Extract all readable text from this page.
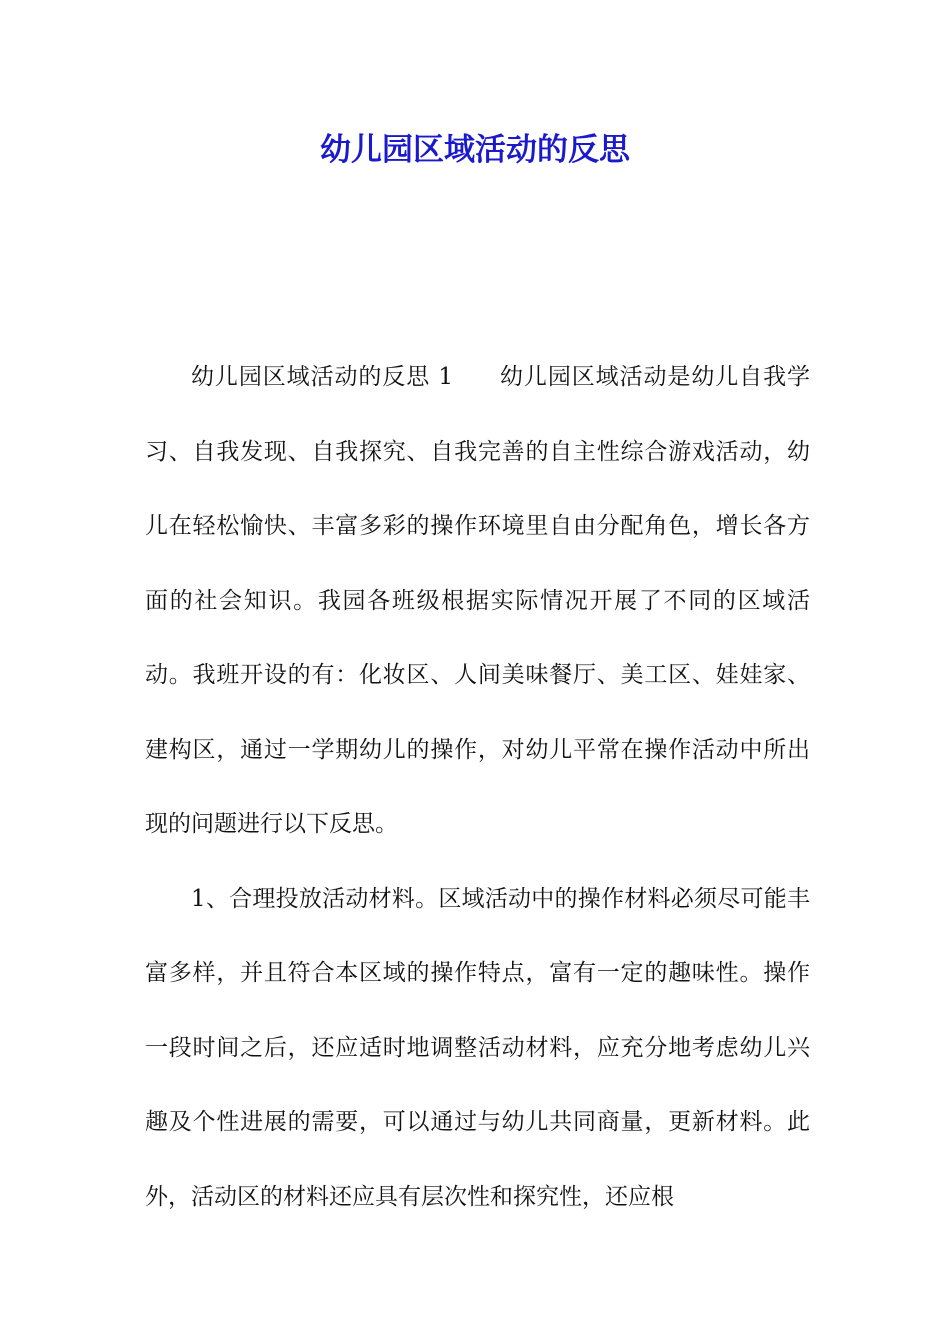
幼儿园区域活动的反思

幼儿园区域活动的反思 1 幼儿园区域活动是幼儿自我学习、自我发现、自我探究、自我完善的自主性综合游戏活动，幼儿在轻松愉快、丰富多彩的操作环境里自由分配角色，增长各方面的社会知识。我园各班级根据实际情况开展了不同的区域活动。我班开设的有：化妆区、人间美味餐厅、美工区、娃娃家、建构区，通过一学期幼儿的操作，对幼儿平常在操作活动中所出现的问题进行以下反思。

1、合理投放活动材料。区域活动中的操作材料必须尽可能丰富多样，并且符合本区域的操作特点，富有一定的趣味性。操作一段时间之后，还应适时地调整活动材料，应充分地考虑幼儿兴趣及个性进展的需要，可以通过与幼儿共同商量，更新材料。此外，活动区的材料还应具有层次性和探究性，还应根
